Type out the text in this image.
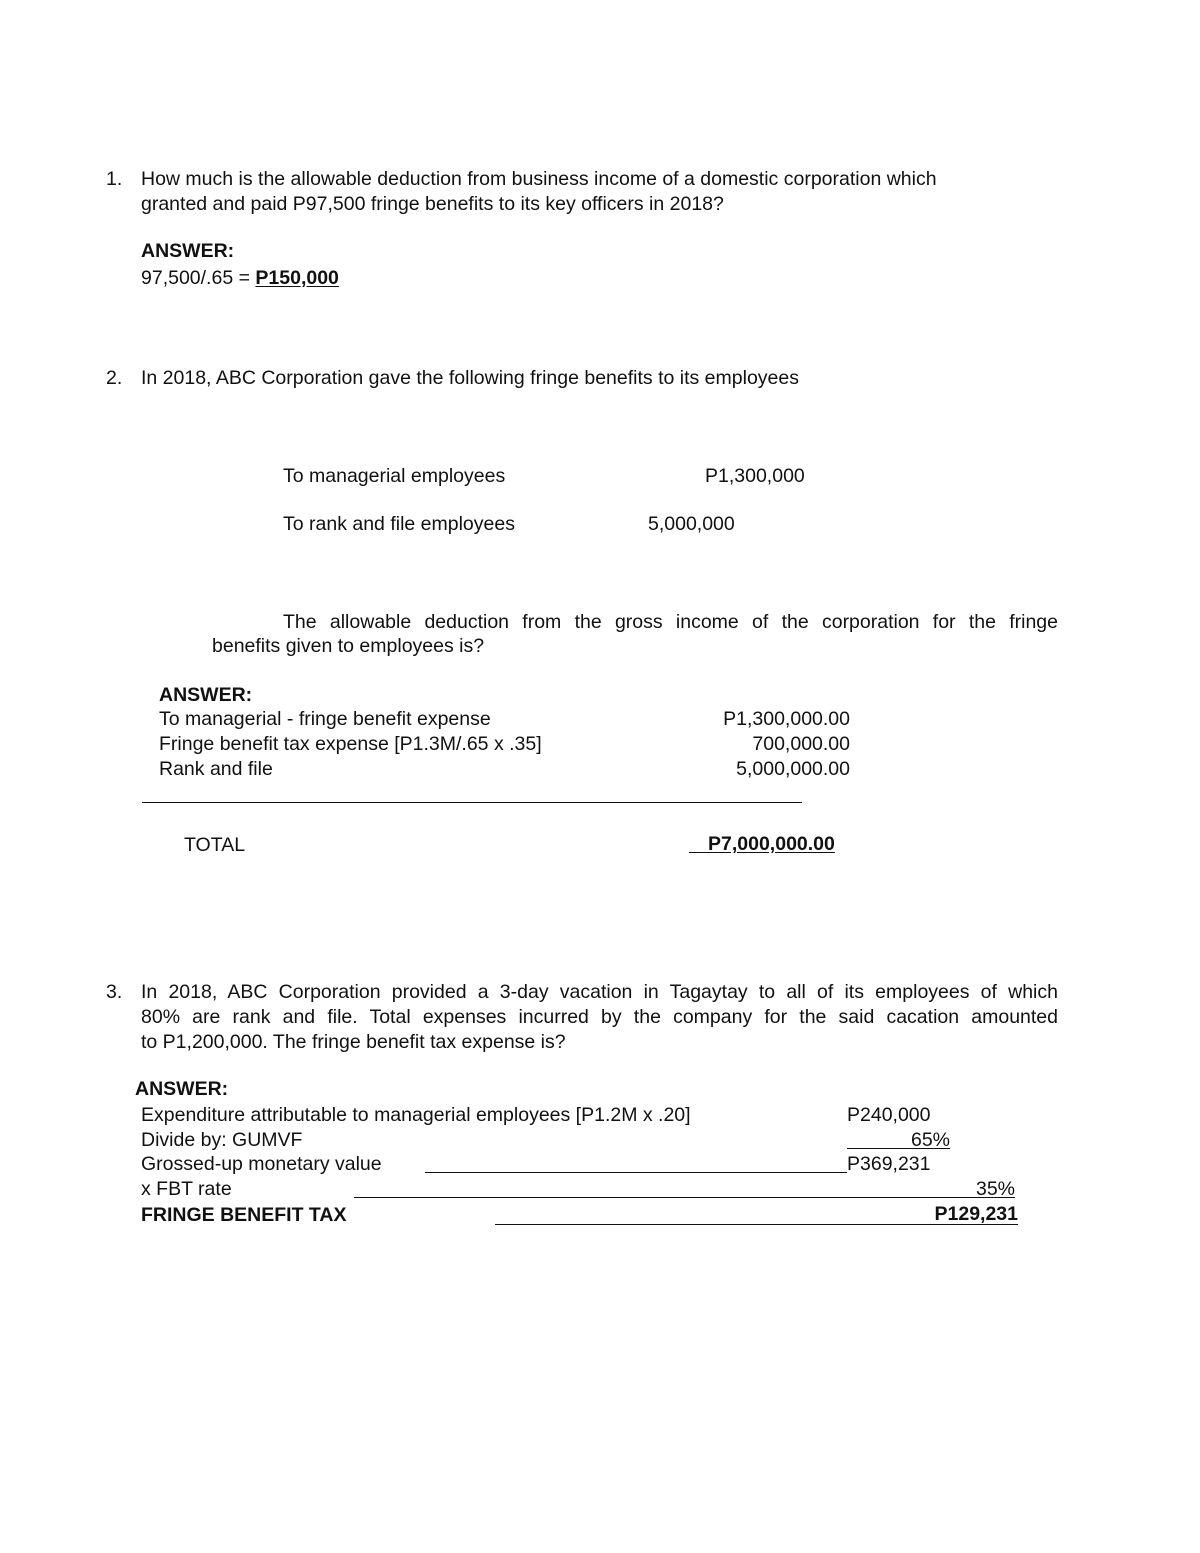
1. How much is the allowable deduction from business income of a domestic corporation which
granted and paid P97,500 fringe benefits to its key officers in 2018?
ANSWER:
97,500/.65 = P150,000
2. In 2018, ABC Corporation gave the following fringe benefits to its employees
To managerial employees	P1,300,000
To rank and file employees	5,000,000
The allowable deduction from the gross income of the corporation for the fringe
benefits given to employees is?
ANSWER:
To managerial - fringe benefit expense	P1,300,000.00
Fringe benefit tax expense [P1.3M/.65 x .35]	700,000.00
Rank and file	5,000,000.00
TOTAL	P7,000,000.00
3. In 2018, ABC Corporation provided a 3-day vacation in Tagaytay to all of its employees of which
80% are rank and file. Total expenses incurred by the company for the said cacation amounted
to P1,200,000. The fringe benefit tax expense is?
ANSWER:
Expenditure attributable to managerial employees [P1.2M x .20]	P240,000
Divide by: GUMVF	65%
Grossed-up monetary value	P369,231
x FBT rate	35%
FRINGE BENEFIT TAX	P129,231
